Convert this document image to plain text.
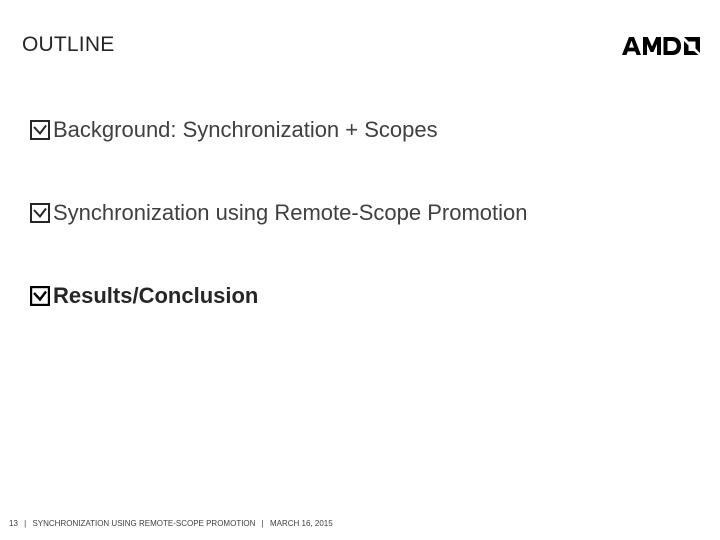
OUTLINE
Background: Synchronization + Scopes
Synchronization using Remote-Scope Promotion
Results/Conclusion
13 | SYNCHRONIZATION USING REMOTE-SCOPE PROMOTION | MARCH 16, 2015
